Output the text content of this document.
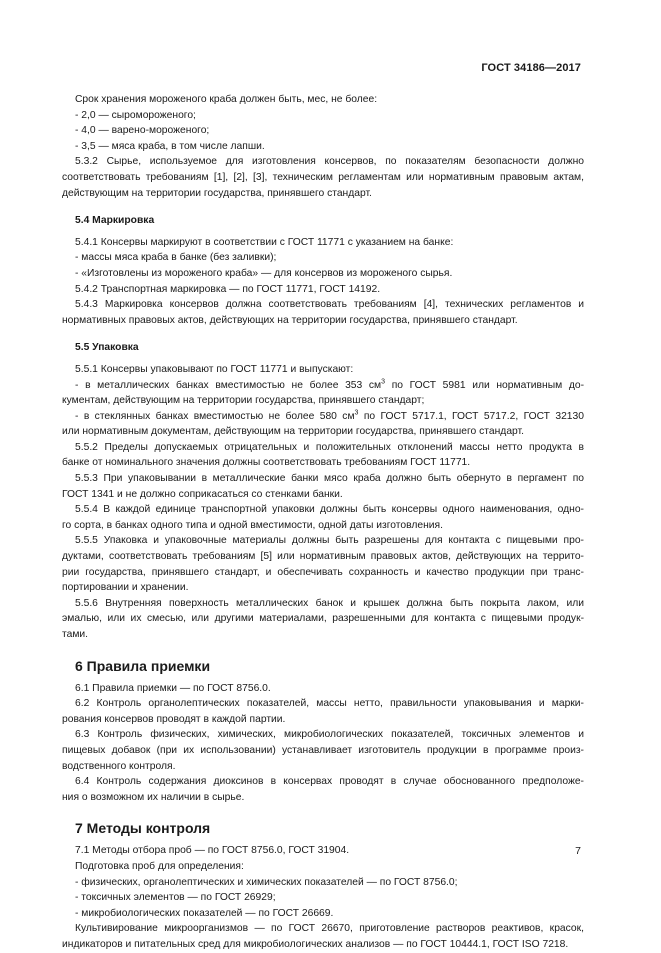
ГОСТ 34186—2017

Срок хранения мороженого краба должен быть, мес, не более:

- 2,0 — сыромороженого;

- 4,0 — варено-мороженого;

- 3,5 — мяса краба, в том числе лапши.

5.3.2 Сырье, используемое для изготовления консервов, по показателям безопасности должно

соответствовать требованиям [1], [2], [3], техническим регламентам или нормативным правовым актам,

действующим на территории государства, принявшего стандарт.

5.4 Маркировка

5.4.1 Консервы маркируют в соответствии с ГОСТ 11771 с указанием на банке:

- массы мяса краба в банке (без заливки);

- «Изготовлены из мороженого краба» — для консервов из мороженого сырья.

5.4.2 Транспортная маркировка — по ГОСТ 11771, ГОСТ 14192.

5.4.3 Маркировка консервов должна соответствовать требованиям [4], технических регламентов и

нормативных правовых актов, действующих на территории государства, принявшего стандарт.

5.5 Упаковка

5.5.1 Консервы упаковывают по ГОСТ 11771 и выпускают:

- в металлических банках вместимостью не более 353 $см^3$ по ГОСТ 5981 или нормативным до-

кументам, действующим на территории государства, принявшего стандарт;

- в стеклянных банках вместимостью не более 580 $см^3$ по ГОСТ 5717.1, ГОСТ 5717.2, ГОСТ 32130

или нормативным документам, действующим на территории государства, принявшего стандарт.

5.5.2 Пределы допускаемых отрицательных и положительных отклонений массы нетто продукта в

банке от номинального значения должны соответствовать требованиям ГОСТ 11771.

5.5.3 При упаковывании в металлические банки мясо краба должно быть обернуто в пергамент по

ГОСТ 1341 и не должно соприкасаться со стенками банки.

5.5.4 В каждой единице транспортной упаковки должны быть консервы одного наименования, одно-

го сорта, в банках одного типа и одной вместимости, одной даты изготовления.

5.5.5 Упаковка и упаковочные материалы должны быть разрешены для контакта с пищевыми про-

дуктами, соответствовать требованиям [5] или нормативным правовых актов, действующих на террито-

рии государства, принявшего стандарт, и обеспечивать сохранность и качество продукции при транс-

портировании и хранении.

5.5.6 Внутренняя поверхность металлических банок и крышек должна быть покрыта лаком, или

эмалью, или их смесью, или другими материалами, разрешенными для контакта с пищевыми продук-

тами.

6 Правила приемки

6.1 Правила приемки — по ГОСТ 8756.0.

6.2 Контроль органолептических показателей, массы нетто, правильности упаковывания и марки-

рования консервов проводят в каждой партии.

6.3 Контроль физических, химических, микробиологических показателей, токсичных элементов и

пищевых добавок (при их использовании) устанавливает изготовитель продукции в программе произ-

водственного контроля.

6.4 Контроль содержания диоксинов в консервах проводят в случае обоснованного предположе-

ния о возможном их наличии в сырье.

7 Методы контроля

7.1 Методы отбора проб — по ГОСТ 8756.0, ГОСТ 31904.

Подготовка проб для определения:

- физических, органолептических и химических показателей — по ГОСТ 8756.0;

- токсичных элементов — по ГОСТ 26929;

- микробиологических показателей — по ГОСТ 26669.

Культивирование микроорганизмов — по ГОСТ 26670, приготовление растворов реактивов, красок,

индикаторов и питательных сред для микробиологических анализов — по ГОСТ 10444.1, ГОСТ ISO 7218.

7
